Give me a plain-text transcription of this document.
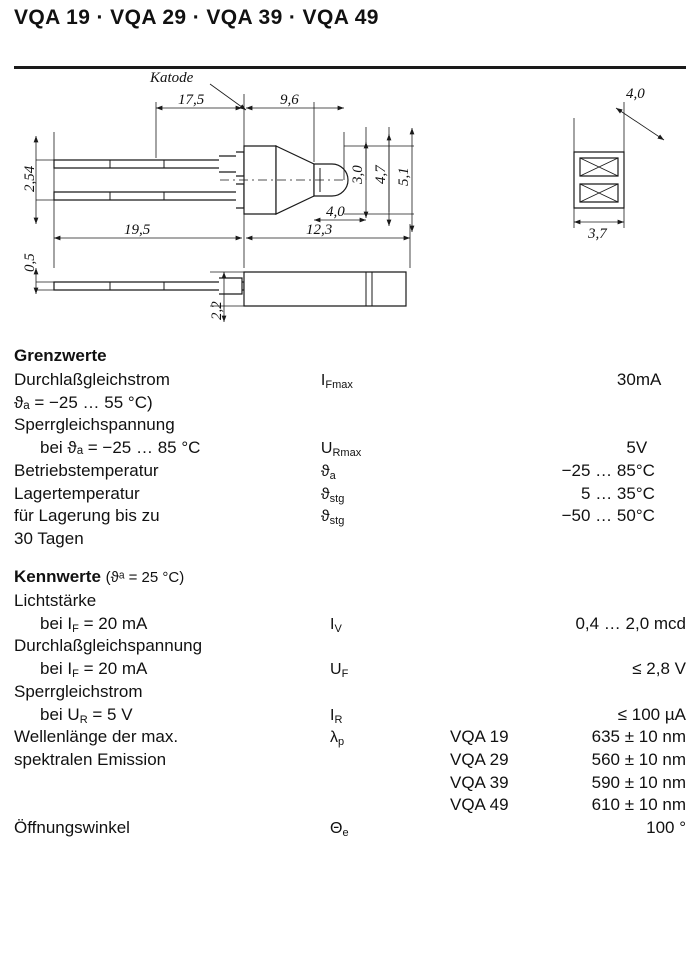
VQA 19 · VQA 29 · VQA 39 · VQA 49
17,5	9,6	4,0
2,54	3,0 4,7 5,1
19,5	12,3
4,0
3,7
0,5
2,2
Katode
Grenzwerte
Durchlaßgleichstrom	$I_{Fmax}$		30	mA
ϑₐ = −25 … 55 °C)				
Sperrgleichspannung				
bei ϑₐ = −25 … 85 °C	$U_{Rmax}$		5	V
Betriebstemperatur	$ϑ_a$		−25 … 85	°C
Lagertemperatur	$ϑ_{stg}$		5 … 35	°C
für Lagerung bis zu	$ϑ_{stg}$		−50 … 50	°C
30 Tagen				
Kennwerte (ϑᵃ = 25 °C)
Lichtstärke			
bei $I_F = 20$ mA	$I_V$		0,4 … 2,0 mcd
Durchlaßgleichspannung			
bei $I_F = 20$ mA	$U_F$		≤ 2,8 V
Sperrgleichstrom			
bei $U_R = 5$ V	$I_R$		≤ 100 µA
Wellenlänge der max.	$\lambda_p$	VQA 19	635 ± 10 nm
spektralen Emission		VQA 29	560 ± 10 nm
		VQA 39	590 ± 10 nm
		VQA 49	610 ± 10 nm
Öffnungswinkel	$\Theta_e$		100 °
